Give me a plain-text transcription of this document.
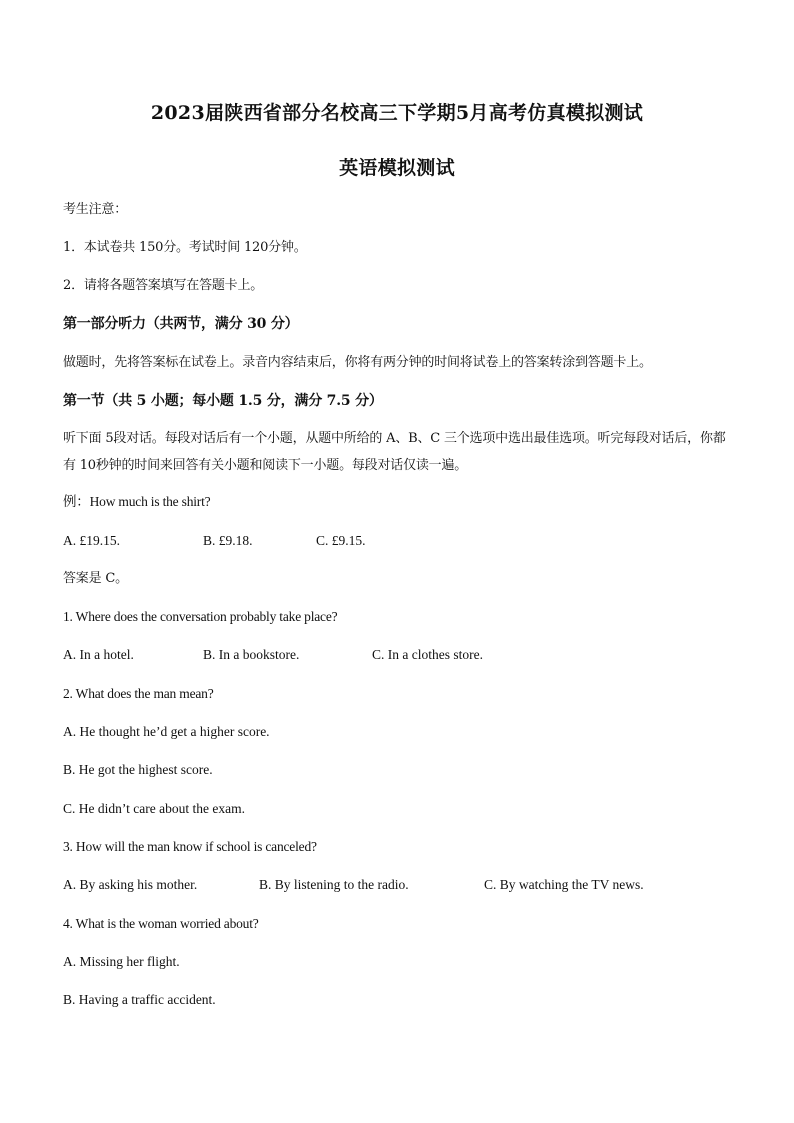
2023届陕西省部分名校高三下学期5月高考仿真模拟测试
英语模拟测试
考生注意：
1．本试卷共 150分。考试时间 120分钟。
2．请将各题答案填写在答题卡上。
第一部分听力（共两节，满分 30 分）
做题时，先将答案标在试卷上。录音内容结束后，你将有两分钟的时间将试卷上的答案转涂到答题卡上。
第一节（共 5 小题；每小题 1.5 分，满分 7.5 分）
听下面 5段对话。每段对话后有一个小题，从题中所给的 A、B、C 三个选项中选出最佳选项。听完每段对话后，你都有 10秒钟的时间来回答有关小题和阅读下一小题。每段对话仅读一遍。
例：How much is the shirt?
A. £19.15.	B. £9.18.	C. £9.15.
答案是 C。
1. Where does the conversation probably take place?
A. In a hotel.	B. In a bookstore.	C. In a clothes store.
2. What does the man mean?
A. He thought he’d get a higher score.
B. He got the highest score.
C. He didn’t care about the exam.
3. How will the man know if school is canceled?
A. By asking his mother.	B. By listening to the radio.	C. By watching the TV news.
4. What is the woman worried about?
A. Missing her flight.
B. Having a traffic accident.
